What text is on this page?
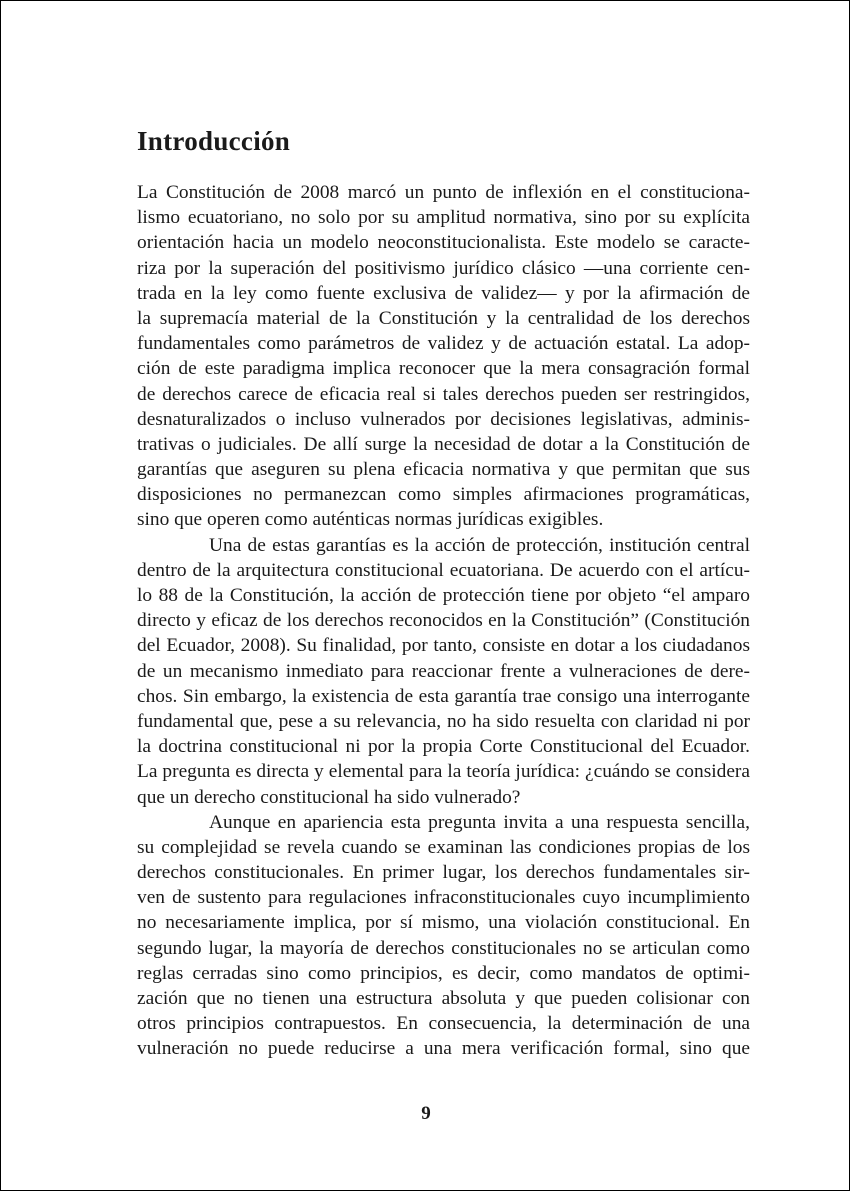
Introducción

La Constitución de 2008 marcó un punto de inflexión en el constituciona-
lismo ecuatoriano, no solo por su amplitud normativa, sino por su explícita
orientación hacia un modelo neoconstitucionalista. Este modelo se caracte-
riza por la superación del positivismo jurídico clásico —una corriente cen-
trada en la ley como fuente exclusiva de validez— y por la afirmación de
la supremacía material de la Constitución y la centralidad de los derechos
fundamentales como parámetros de validez y de actuación estatal. La adop-
ción de este paradigma implica reconocer que la mera consagración formal
de derechos carece de eficacia real si tales derechos pueden ser restringidos,
desnaturalizados o incluso vulnerados por decisiones legislativas, adminis-
trativas o judiciales. De allí surge la necesidad de dotar a la Constitución de
garantías que aseguren su plena eficacia normativa y que permitan que sus
disposiciones no permanezcan como simples afirmaciones programáticas,
sino que operen como auténticas normas jurídicas exigibles.

Una de estas garantías es la acción de protección, institución central
dentro de la arquitectura constitucional ecuatoriana. De acuerdo con el artícu-
lo 88 de la Constitución, la acción de protección tiene por objeto “el amparo
directo y eficaz de los derechos reconocidos en la Constitución” (Constitución
del Ecuador, 2008). Su finalidad, por tanto, consiste en dotar a los ciudadanos
de un mecanismo inmediato para reaccionar frente a vulneraciones de dere-
chos. Sin embargo, la existencia de esta garantía trae consigo una interrogante
fundamental que, pese a su relevancia, no ha sido resuelta con claridad ni por
la doctrina constitucional ni por la propia Corte Constitucional del Ecuador.
La pregunta es directa y elemental para la teoría jurídica: ¿cuándo se considera
que un derecho constitucional ha sido vulnerado?

Aunque en apariencia esta pregunta invita a una respuesta sencilla,
su complejidad se revela cuando se examinan las condiciones propias de los
derechos constitucionales. En primer lugar, los derechos fundamentales sir-
ven de sustento para regulaciones infraconstitucionales cuyo incumplimiento
no necesariamente implica, por sí mismo, una violación constitucional. En
segundo lugar, la mayoría de derechos constitucionales no se articulan como
reglas cerradas sino como principios, es decir, como mandatos de optimi-
zación que no tienen una estructura absoluta y que pueden colisionar con
otros principios contrapuestos. En consecuencia, la determinación de una
vulneración no puede reducirse a una mera verificación formal, sino que

9
